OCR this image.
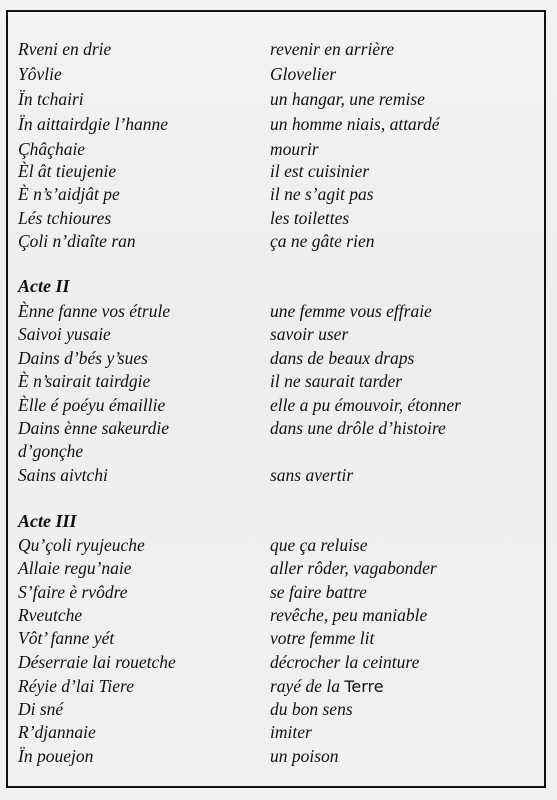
Rveni en drie	revenir en arrière
Yôvlie	Glovelier
Ïn tchairi	un hangar, une remise
Ïn aittairdgie l’hanne	un homme niais, attardé
Çhâçhaie	mourir
Èl ât tieujenie	il est cuisinier
È n’s’aidjât pe	il ne s’agit pas
Lés tchioures	les toilettes
Çoli n’diaîte ran	ça ne gâte rien
Acte II
Ènne fanne vos étrule	une femme vous effraie
Saivoi yusaie	savoir user
Dains d’bés y’sues	dans de beaux draps
È n’sairait tairdgie	il ne saurait tarder
Èlle é poéyu émaillie	elle a pu émouvoir, étonner
Dains ènne sakeurdie	dans une drôle d’histoire
d’gonçhe
Sains aivtchi	sans avertir
Acte III
Qu’çoli ryujeuche	que ça reluise
Allaie regu’naie	aller rôder, vagabonder
S’faire è rvôdre	se faire battre
Rveutche	revêche, peu maniable
Vôt’ fanne yét	votre femme lit
Déserraie lai rouetche	décrocher la ceinture
Réyie d’lai Tiere	rayé de la Terre
Di sné	du bon sens
R’djannaie	imiter
Ïn pouejon	un poison
